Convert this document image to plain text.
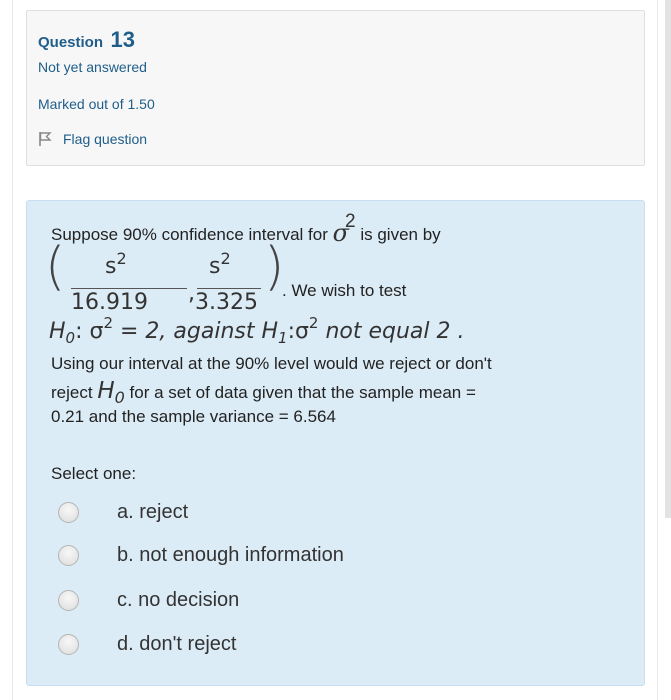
Question 13
Not yet answered
Marked out of 1.50
Flag question
Suppose 90% confidence interval for σ2 is given by
( $s^2$
16.919 ,
$s^2$
3.325
)
. We wish to test
$H_0$: $\sigma^2 = 2$, against $H_1:\sigma^2$ not equal 2 .
Using our interval at the 90% level would we reject or don't
reject $H_0$ for a set of data given that the sample mean =
0.21 and the sample variance = 6.564
Select one:
a. reject
b. not enough information
c. no decision
d. don't reject
